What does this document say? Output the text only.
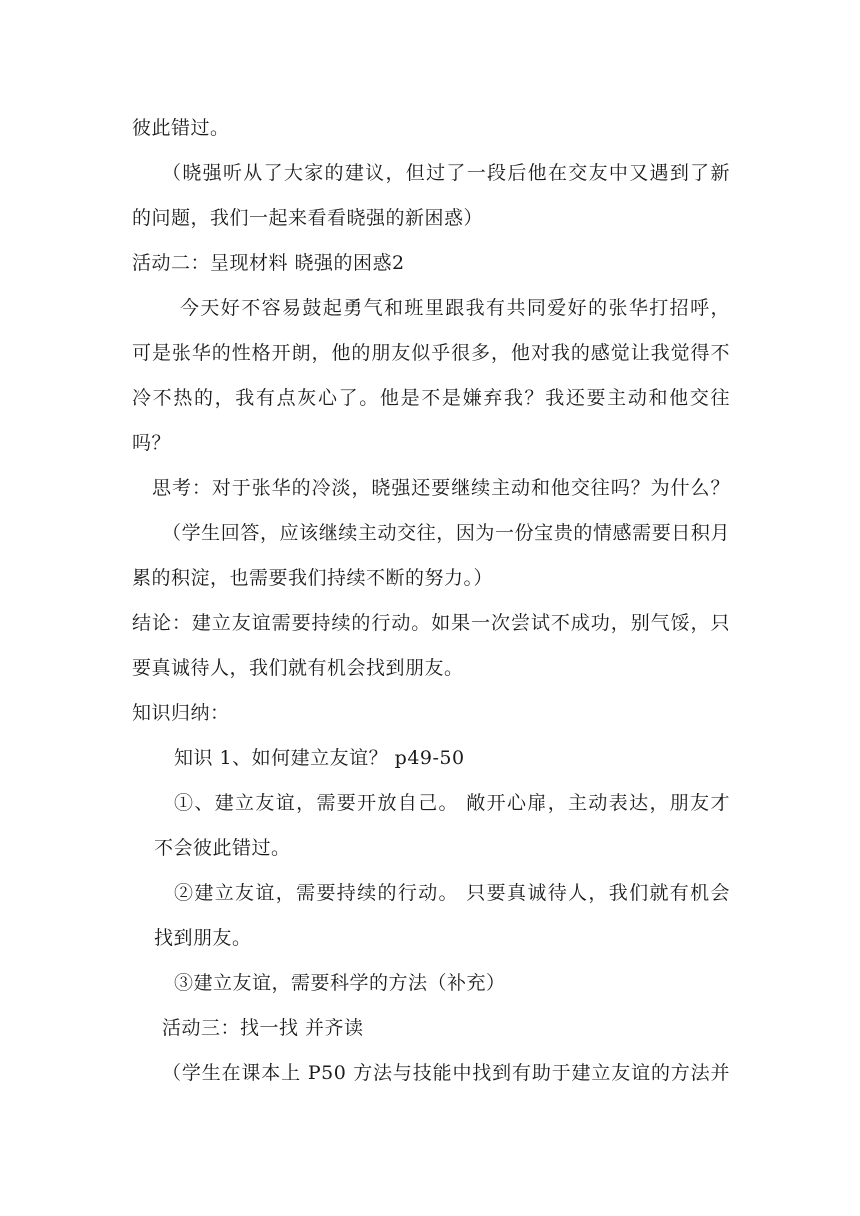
彼此错过。
（晓强听从了大家的建议，但过了一段后他在交友中又遇到了新
的问题，我们一起来看看晓强的新困惑）
活动二：呈现材料 晓强的困惑2
今天好不容易鼓起勇气和班里跟我有共同爱好的张华打招呼，
可是张华的性格开朗，他的朋友似乎很多，他对我的感觉让我觉得不
冷不热的，我有点灰心了。他是不是嫌弃我？我还要主动和他交往
吗？
思考：对于张华的冷淡，晓强还要继续主动和他交往吗？为什么？
（学生回答，应该继续主动交往，因为一份宝贵的情感需要日积月
累的积淀，也需要我们持续不断的努力。）
结论：建立友谊需要持续的行动。如果一次尝试不成功，别气馁，只
要真诚待人，我们就有机会找到朋友。
知识归纳：
知识 1、如何建立友谊？ p49-50
①、建立友谊，需要开放自己。 敞开心扉，主动表达，朋友才
不会彼此错过。
②建立友谊，需要持续的行动。 只要真诚待人，我们就有机会
找到朋友。
③建立友谊，需要科学的方法（补充）
活动三：找一找 并齐读
（学生在课本上 P50 方法与技能中找到有助于建立友谊的方法并
